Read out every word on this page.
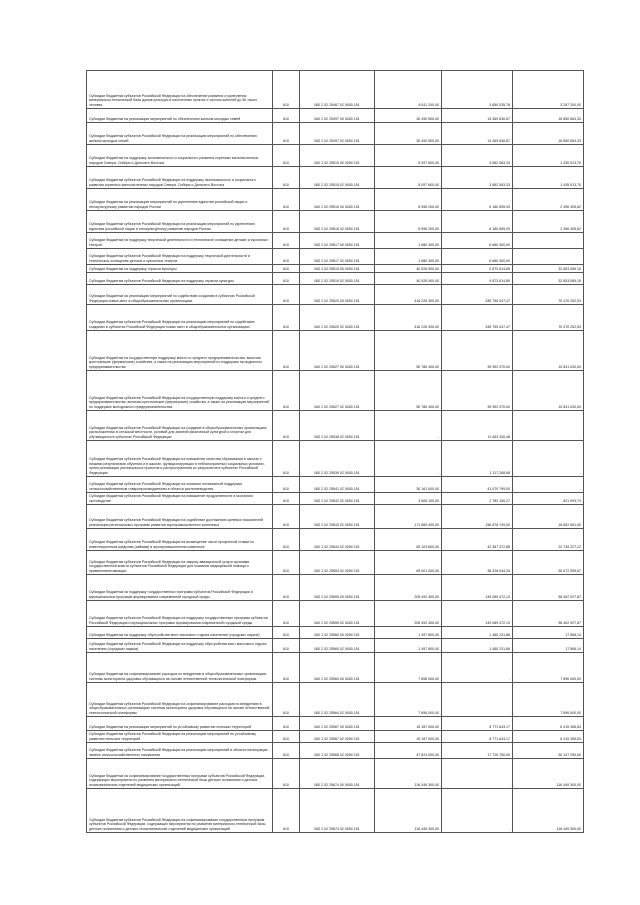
Субсидии бюджетам субъектов Российской Федерации на обеспечение развития и укрепления материально-технической базы домов культуры в населенных пунктах с числом жителей до 50 тысяч человек	610	000 2 02 25467 02 0000 151	8 611 200,00	3 650 035,78	3 287 200,00
Субсидии бюджетам на реализацию мероприятий по обеспечению жильем молодых семей	610	000 2 02 25497 00 0000 151	30 490 500,00	13 469 836,87	16 850 664,33
Субсидии бюджетам субъектов Российской Федерации на реализацию мероприятий по обеспечению жильем молодых семей	610	000 2 02 25497 02 0000 151	30 490 500,00	13 469 836,87	16 850 664,33
Субсидии бюджетам на поддержку экономического и социального развития коренных малочисленных народов Севера, Сибири и Дальнего Востока	610	000 2 02 25515 00 0000 151	5 097 600,00	3 682 083,33	1 435 513,70
Субсидии бюджетам субъектов Российской Федерации на поддержку экономического и социального развития коренных малочисленных народов Севера, Сибири и Дальнего Востока	610	000 2 02 25515 02 0000 151	5 097 600,00	3 682 083,33	1 435 513,70
Субсидии бюджетам на реализацию мероприятий по укреплению единства российской нации и этнокультурному развитию народов России	610	000 2 02 25516 00 0000 151	8 596 200,00	6 180 895,93	2 396 305,62
Субсидии бюджетам субъектов Российской Федерации на реализацию мероприятий по укреплению единства российской нации и этнокультурному развитию народов России	610	000 2 02 25516 02 0000 151	8 596 200,00	6 180 895,93	2 396 305,62
Субсидии бюджетам на поддержку творческой деятельности и техническое оснащение детских и кукольных театров	610	000 2 02 25517 00 0000 151	1 680 300,00	6 680 300,00	
Субсидии бюджетам субъектов Российской Федерации на поддержку творческой деятельности и техническое оснащение детских и кукольных театров	610	000 2 02 25517 02 0000 151	1 680 300,00	6 680 300,00	
Субсидии бюджетам на поддержку отрасли культуры	610	000 2 02 25519 00 0000 151	40 526 900,00	9 873 814,85	32 653 085,15
Субсидии бюджетам субъектов Российской Федерации на поддержку отрасли культуры	610	000 2 02 25519 02 0000 151	40 526 900,00	9 873 814,85	32 653 085,15
Субсидии бюджетам на реализацию мероприятий по содействию созданию в субъектах Российской Федерации новых мест в общеобразовательных организациях	610	000 2 02 25520 00 0000 151	416 226 300,00	345 755 047,47	70 470 252,53
Субсидии бюджетам субъектов Российской Федерации на реализацию мероприятий по содействию созданию в субъектах Российской Федерации новых мест в общеобразовательных организациях	610	000 2 02 25520 02 0000 151	416 226 300,00	345 755 047,47	70 470 252,53
Субсидии бюджетам на государственную поддержку малого и среднего предпринимательства, включая крестьянские (фермерские) хозяйства, а также на реализацию мероприятий по поддержке молодежного предпринимательства	610	000 2 02 25527 00 0000 151	50 780 400,00	39 952 370,00	10 831 030,00
Субсидии бюджетам субъектов Российской Федерации на государственную поддержку малого и среднего предпринимательства, включая крестьянские (фермерские) хозяйства, а также на реализацию мероприятий по поддержке молодежного предпринимательства	610	000 2 02 25527 02 0000 151	50 780 400,00	39 952 370,00	10 831 030,00
Субсидии бюджетам субъектов Российской Федерации на создание в общеобразовательных организациях, расположенных в сельской местности, условий для занятий физической культурой и спортом для обучающихся в субъектах Российской Федерации	610	000 2 02 25538 02 0000 151	-	11 463 200,48	-
Субсидии бюджетам субъектов Российской Федерации на повышение качества образования в школах с низкими результатами обучения и в школах, функционирующих в неблагоприятных социальных условиях, путем реализации региональных проектов и распространения их результатов в субъектах Российской Федерации	610	000 2 02 25539 02 0000 151	-	1 117 268,68	-
Субсидии бюджетам субъектов Российской Федерации на оказание несвязанной поддержки сельскохозяйственным товаропроизводителям в области растениеводства	610	000 2 02 25541 02 0000 151	30 161 000,00	41 079 799,00	-
Субсидии бюджетам субъектов Российской Федерации на повышение продуктивности в молочном скотоводстве	610	000 2 02 25542 02 0000 151	3 605 100,00	2 783 106,27	821 993,73
Субсидии бюджетам субъектов Российской Федерации на содействие достижению целевых показателей реализации региональных программ развития агропромышленного комплекса	610	000 2 02 25543 02 0000 151	171 569 400,00	156 876 749,00	16 692 651,00
Субсидии бюджетам субъектов Российской Федерации на возмещение части процентной ставки по инвестиционным кредитам (займам) в агропромышленном комплексе	610	000 2 02 25544 02 0000 151	65 103 600,00	42 367 372,88	22 736 227,12
Субсидии бюджетам субъектов Российской Федерации на закупку авиационной услуги органами государственной власти субъектов Российской Федерации для оказания медицинской помощи с применением авиации	610	000 2 02 25554 02 0000 151	69 001 000,00	38 328 044,33	30 672 955,67
Субсидии бюджетам на поддержку государственных программ субъектов Российской Федерации и муниципальных программ формирования современной городской среды	610	000 2 02 25555 00 0000 151	205 492 400,00	149 089 472,13	56 402 927,87
Субсидии бюджетам субъектов Российской Федерации на поддержку государственных программ субъектов Российской Федерации и муниципальных программ формирования современной городской среды	610	000 2 02 25555 02 0000 151	205 492 400,00	149 089 472,13	56 402 927,87
Субсидии бюджетам на поддержку обустройства мест массового отдыха населения (городских парков)	610	000 2 02 25560 00 0000 151	1 497 800,00	1 480 231,86	17 568,14
Субсидии бюджетам субъектов Российской Федерации на поддержку обустройства мест массового отдыха населения (городских парков)	610	000 2 02 25560 02 0000 151	1 497 800,00	1 480 231,86	17 568,14
Субсидии бюджетам на софинансирование расходов по внедрению в общеобразовательных организациях системы мониторинга здоровья обучающихся на основе отечественной технологической платформы	610	000 2 02 25564 00 0000 151	7 896 000,00	-	7 896 000,00
Субсидии бюджетам субъектов Российской Федерации на софинансирование расходов по внедрению в общеобразовательных организациях системы мониторинга здоровья обучающихся на основе отечественной технологической платформы	610	000 2 02 25564 02 0000 151	7 896 000,00	-	7 896 000,00
Субсидии бюджетам на реализацию мероприятий по устойчивому развитию сельских территорий	610	000 2 02 25567 00 0000 151	15 187 000,00	8 771 643,17	6 415 356,83
Субсидии бюджетам субъектов Российской Федерации на реализацию мероприятий по устойчивому развитию сельских территорий	610	000 2 02 25567 02 0000 151	15 187 000,00	8 771 643,17	6 415 356,83
Субсидии бюджетам субъектов Российской Федерации на реализацию мероприятий в области мелиорации земель сельскохозяйственного назначения	610	000 2 02 25568 02 0000 151	47 824 000,00	17 726 750,00	30 147 250,00
Субсидии бюджетам на софинансирование государственных программ субъектов Российской Федерации, содержащих мероприятия по развитию материально-технической базы детских поликлиник и детских поликлинических отделений медицинских организаций	610	000 2 02 25674 00 0000 151	116 449 300,00	-	116 449 300,00
Субсидии бюджетам субъектов Российской Федерации на софинансирование государственных программ субъектов Российской Федерации, содержащих мероприятия по развитию материально-технической базы детских поликлиник и детских поликлинических отделений медицинских организаций	610	000 2 02 25674 02 0000 151	116 449 300,00	-	116 449 300,00
